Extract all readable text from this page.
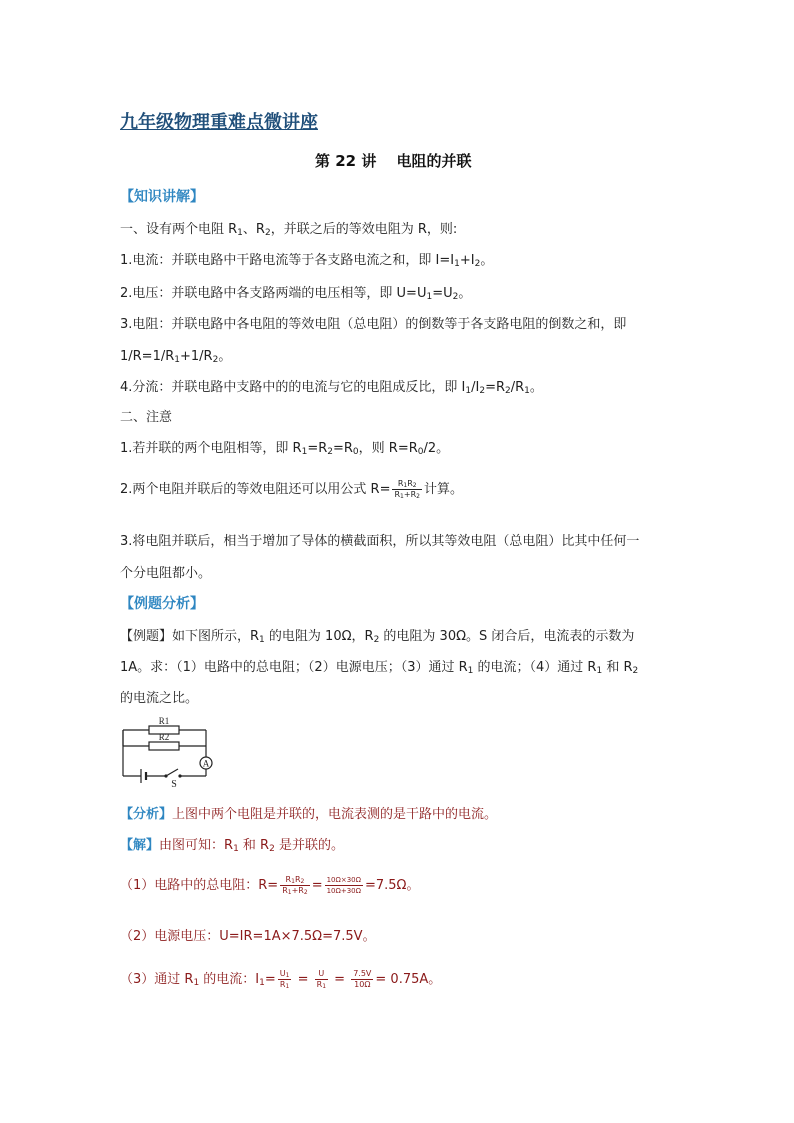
九年级物理重难点微讲座
第 22 讲　 电阻的并联
【知识讲解】
一、设有两个电阻 $R_1$、$R_2$，并联之后的等效电阻为 R，则:
1.电流：并联电路中干路电流等于各支路电流之和，即 $I=I_1+I_2$。
2.电压：并联电路中各支路两端的电压相等，即 $U=U_1=U_2$。
3.电阻：并联电路中各电阻的等效电阻（总电阻）的倒数等于各支路电阻的倒数之和，即
$1/R=1/R_1+1/R_2$。
4.分流：并联电路中支路中的的电流与它的电阻成反比，即 $I_1/I_2=R_2/R_1$。
二、注意
1.若并联的两个电阻相等，即 $R_1=R_2=R_0$，则 $R=R_0/2$。
2.两个电阻并联后的等效电阻还可以用公式 $R= \frac{R_1R_2}{R_1+R_2}$ 计算。
3.将电阻并联后，相当于增加了导体的横截面积，所以其等效电阻（总电阻）比其中任何一
个分电阻都小。
【例题分析】
【例题】如下图所示，$R_1$ 的电阻为 10Ω，$R_2$ 的电阻为 30Ω。S 闭合后，电流表的示数为
1A。求：（1）电路中的总电阻；（2）电源电压；（3）通过 $R_1$ 的电流；（4）通过 $R_1$ 和 $R_2$
的电流之比。
R1
R2
A
S
【分析】上图中两个电阻是并联的，电流表测的是干路中的电流。
【解】由图可知：$R_1$ 和 $R_2$ 是并联的。
（1）电路中的总电阻：$R= \frac{R_1R_2}{R_1+R_2} = \frac{10\Omega\times 30\Omega}{10\Omega+30\Omega} =7.5\Omega$。
（2）电源电压：U=IR=1A×7.5Ω=7.5V。
（3）通过 $R_1$ 的电流：$I_1= \frac{U_1}{R_1} = \frac{U}{R_1} = \frac{7.5V}{10\Omega} = 0.75A$。
